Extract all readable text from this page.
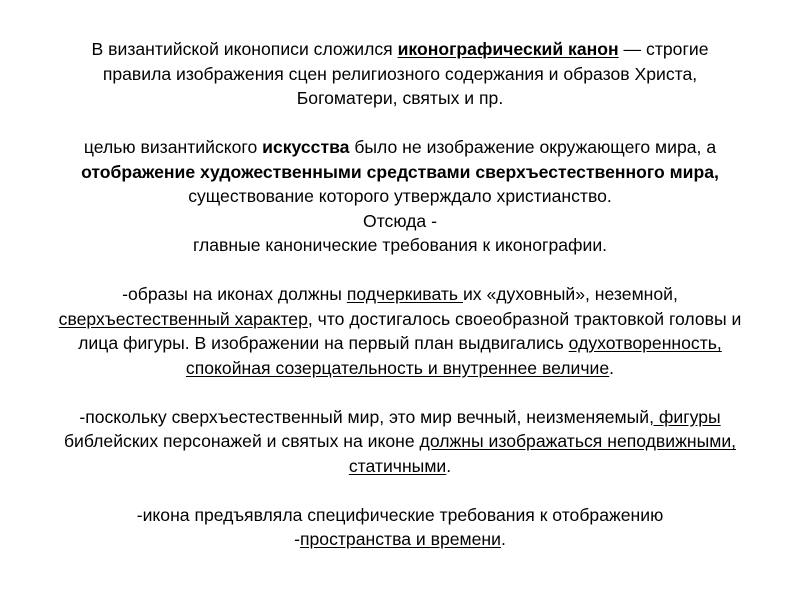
В византийской иконописи сложился иконографический канон — строгие
правила изображения сцен религиозного содержания и образов Христа,
Богоматери, святых и пр.

целью византийского искусства было не изображение окружающего мира, а
отображение художественными средствами сверхъестественного мира,
существование которого утверждало христианство.
Отсюда -
главные канонические требования к иконографии.

-образы на иконах должны подчеркивать их «духовный», неземной,
сверхъестественный характер, что достигалось своеобразной трактовкой головы и
лица фигуры. В изображении на первый план выдвигались одухотворенность,
спокойная созерцательность и внутреннее величие.

-поскольку сверхъестественный мир, это мир вечный, неизменяемый, фигуры
библейских персонажей и святых на иконе должны изображаться неподвижными,
статичными.

-икона предъявляла специфические требования к отображению
-пространства и времени.
